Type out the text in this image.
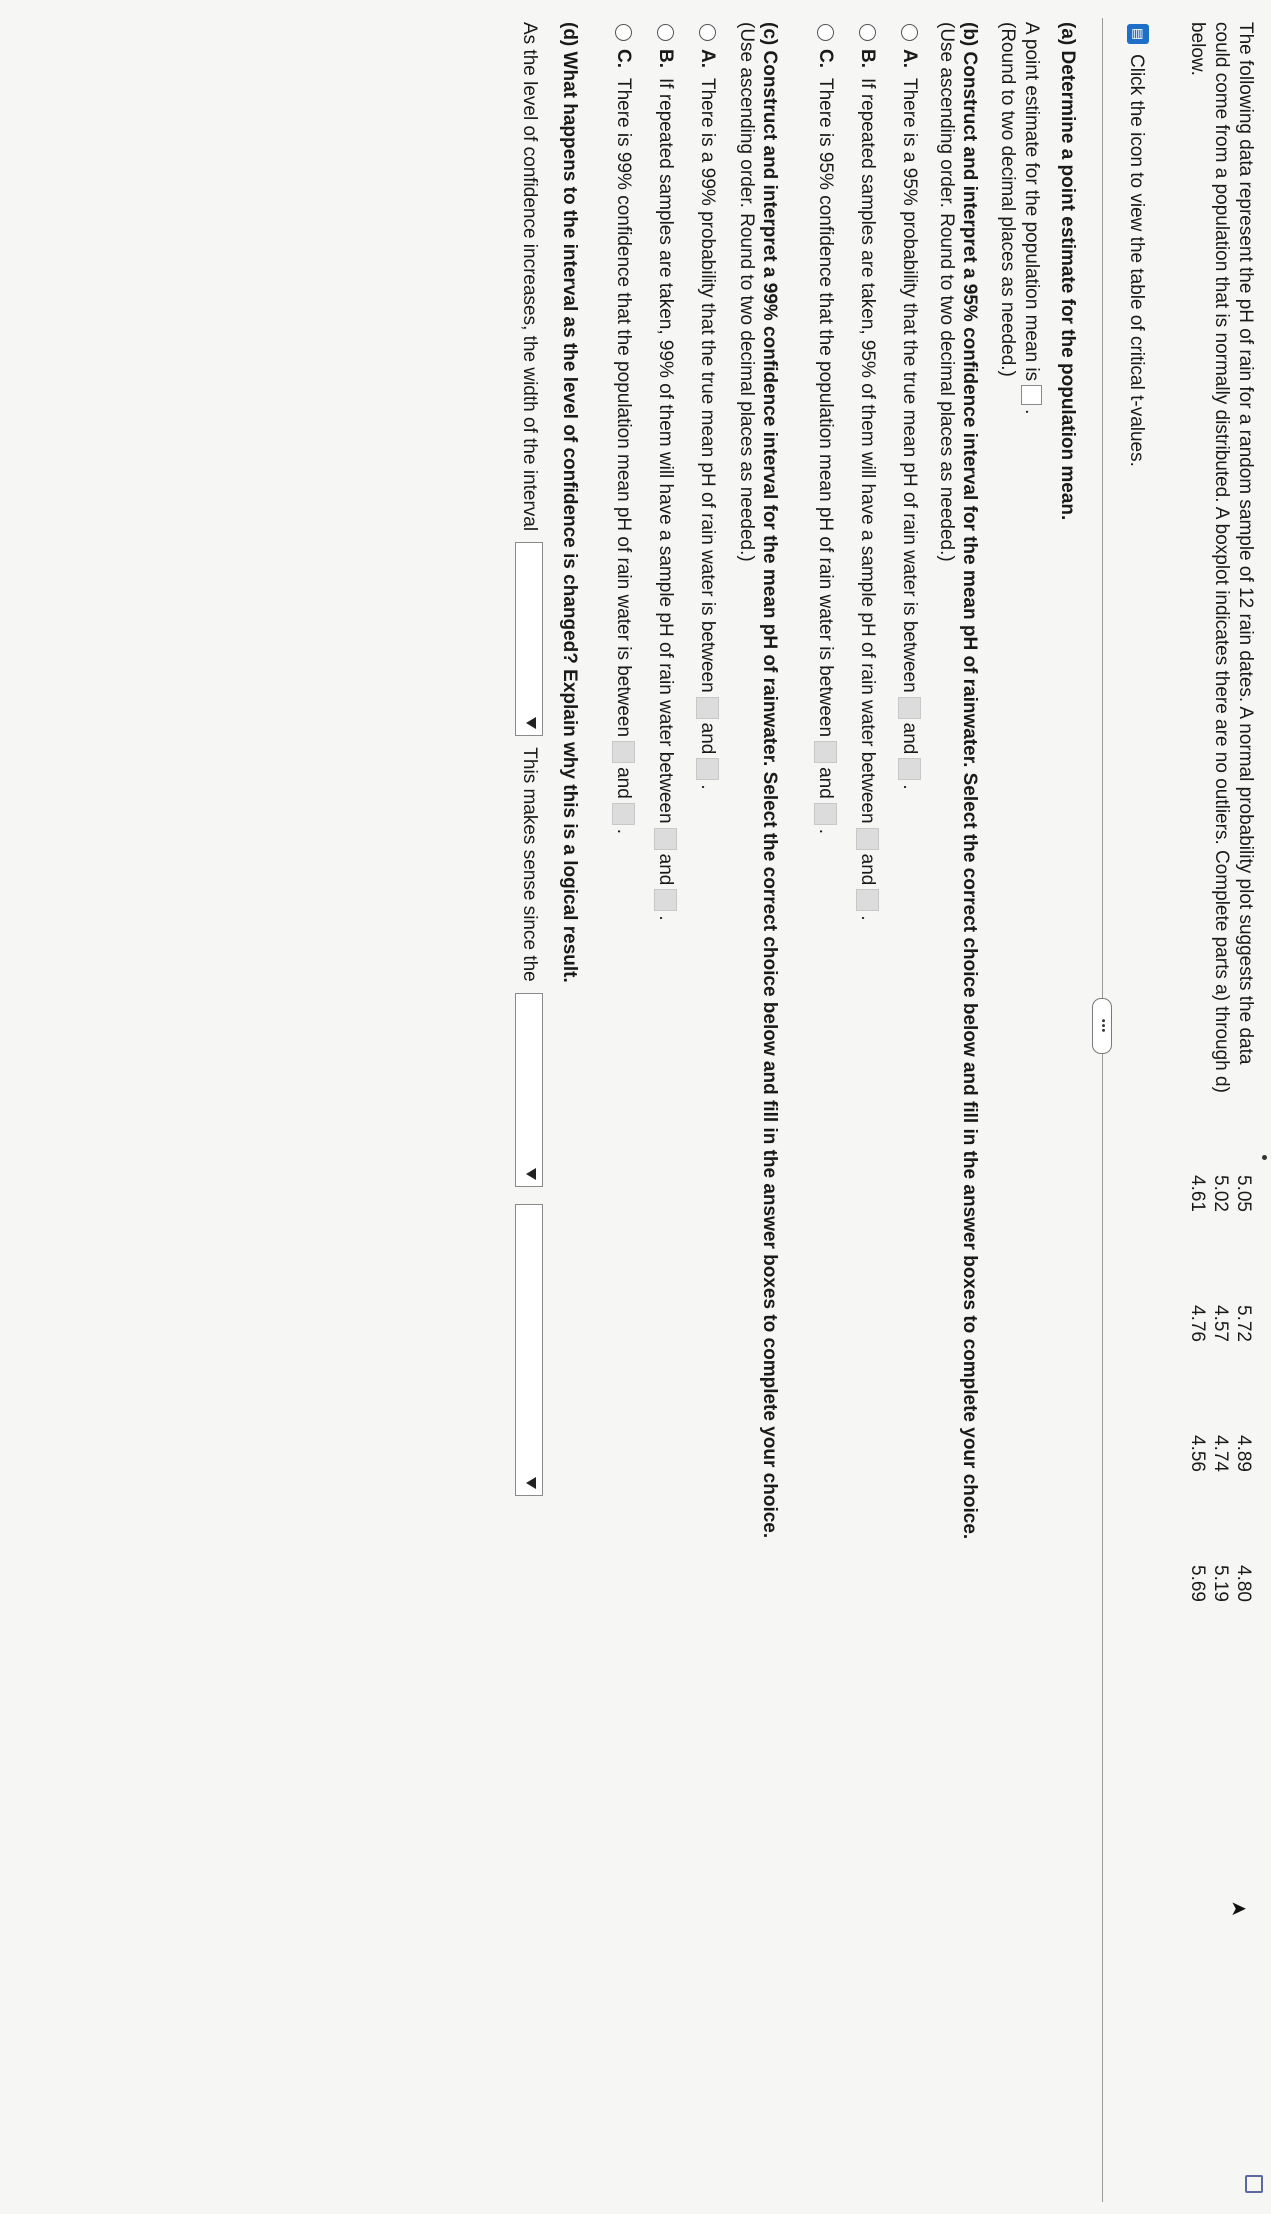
➤
The following data represent the pH of rain for a random sample of 12 rain dates. A normal probability plot suggests the data
could come from a population that is normally distributed. A boxplot indicates there are no outliers. Complete parts a) through d)
below.
5.05
5.72
4.89
4.80
5.02
4.57
4.74
5.19
4.61
4.76
4.56
5.69
▤
Click the icon to view the table of critical t-values.
•••
(a) Determine a point estimate for the population mean.
A point estimate for the population mean is.
(Round to two decimal places as needed.)
(b) Construct and interpret a 95% confidence interval for the mean pH of rainwater. Select the correct choice below and fill in the answer boxes to complete your choice.
(Use ascending order. Round to two decimal places as needed.)
A.There is a 95% probability that the true mean pH of rain water is betweenand.
B.If repeated samples are taken, 95% of them will have a sample pH of rain water betweenand.
C.There is 95% confidence that the population mean pH of rain water is betweenand.
(c) Construct and interpret a 99% confidence interval for the mean pH of rainwater. Select the correct choice below and fill in the answer boxes to complete your choice.
(Use ascending order. Round to two decimal places as needed.)
A.There is a 99% probability that the true mean pH of rain water is betweenand.
B.If repeated samples are taken, 99% of them will have a sample pH of rain water betweenand.
C.There is 99% confidence that the population mean pH of rain water is betweenand.
(d) What happens to the interval as the level of confidence is changed? Explain why this is a logical result.
As the level of confidence increases, the width of the interval
This makes sense since the
